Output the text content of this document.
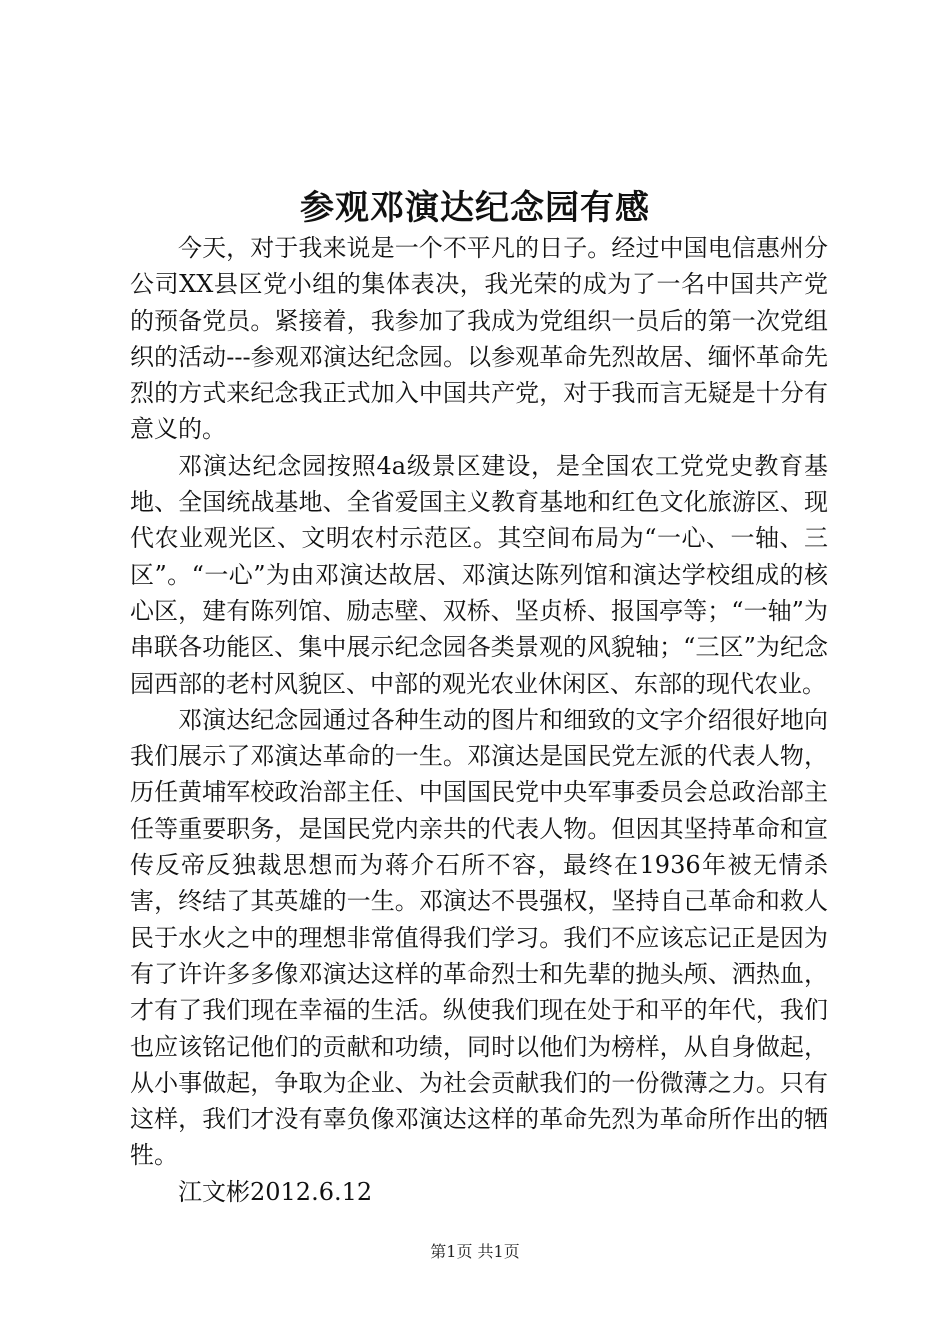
参观邓演达纪念园有感

今天，对于我来说是一个不平凡的日子。经过中国电信惠州分公司XX县区党小组的集体表决，我光荣的成为了一名中国共产党的预备党员。紧接着，我参加了我成为党组织一员后的第一次党组织的活动---参观邓演达纪念园。以参观革命先烈故居、缅怀革命先烈的方式来纪念我正式加入中国共产党，对于我而言无疑是十分有意义的。

邓演达纪念园按照4a级景区建设，是全国农工党党史教育基地、全国统战基地、全省爱国主义教育基地和红色文化旅游区、现代农业观光区、文明农村示范区。其空间布局为“一心、一轴、三区”。“一心”为由邓演达故居、邓演达陈列馆和演达学校组成的核心区，建有陈列馆、励志壁、双桥、坚贞桥、报国亭等；“一轴”为串联各功能区、集中展示纪念园各类景观的风貌轴；“三区”为纪念园西部的老村风貌区、中部的观光农业休闲区、东部的现代农业。

邓演达纪念园通过各种生动的图片和细致的文字介绍很好地向我们展示了邓演达革命的一生。邓演达是国民党左派的代表人物，历任黄埔军校政治部主任、中国国民党中央军事委员会总政治部主任等重要职务，是国民党内亲共的代表人物。但因其坚持革命和宣传反帝反独裁思想而为蒋介石所不容，最终在1936年被无情杀害，终结了其英雄的一生。邓演达不畏强权，坚持自己革命和救人民于水火之中的理想非常值得我们学习。我们不应该忘记正是因为有了许许多多像邓演达这样的革命烈士和先辈的抛头颅、洒热血，才有了我们现在幸福的生活。纵使我们现在处于和平的年代，我们也应该铭记他们的贡献和功绩，同时以他们为榜样，从自身做起，从小事做起，争取为企业、为社会贡献我们的一份微薄之力。只有这样，我们才没有辜负像邓演达这样的革命先烈为革命所作出的牺牲。

江文彬2012.6.12

第1页 共1页
